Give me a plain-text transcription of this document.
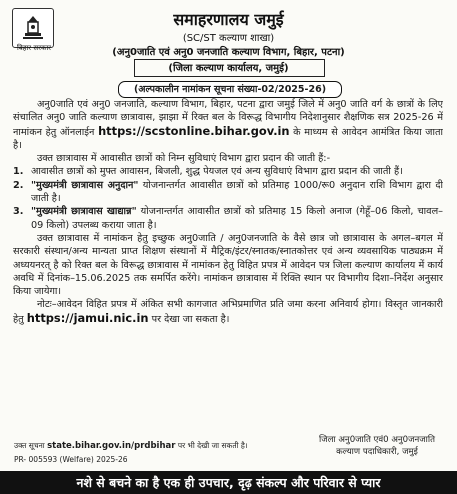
बिहार सरकार
समाहरणालय जमुई
(SC/ST कल्याण शाखा)
(अनु0जाति एवं अनु0 जनजाति कल्याण विभाग, बिहार, पटना)
(जिला कल्याण कार्यालय, जमुई)
(अल्पकालीन नामांकन सूचना संख्या-02/2025-26)

अनु0जाति एवं अनु0 जनजाति, कल्याण विभाग, बिहार, पटना द्वारा जमुई जिले में अनु0 जाति वर्ग के छात्रों के लिए संचालित अनु0 जाति कल्याण छात्रावास, झाझा में रिक्त बल के विरूद्ध विभागीय निदेशानुसार शैक्षणिक सत्र 2025-26 में नामांकन हेतु ऑनलाईन https://scstonline.bihar.gov.in के माध्यम से आवेदन आमंत्रित किया जाता है।

उक्त छात्रावास में आवासीत छात्रों को निम्न सुविधाएं विभाग द्वारा प्रदान की जाती हैं:-

1. आवासीत छात्रों को मुफ्त आवासन, बिजली, शुद्ध पेयजल एवं अन्य सुविधाएं विभाग द्वारा प्रदान की जाती हैं।
2. "मुख्यमंत्री छात्रावास अनुदान" योजनान्तर्गत आवासीत छात्रों को प्रतिमाह 1000/रू0 अनुदान राशि विभाग द्वारा दी जाती है।
3. "मुख्यमंत्री छात्रावास खाद्यान्न" योजनान्तर्गत आवासीत छात्रों को प्रतिमाह 15 किलो अनाज (गेहूँ–06 किलो, चावल–09 किलो) उपलब्ध कराया जाता है।

उक्त छात्रावास में नामांकन हेतु इच्छुक अनु0जाति / अनु0जनजाति के वैसे छात्र जो छात्रावास के अगल–बगल में सरकारी संस्थान/अन्य मान्यता प्राप्त शिक्षण संस्थानों में मैट्रिक/इंटर/स्नातक/स्नातकोत्तर एवं अन्य व्यवसायिक पाठ्यक्रम में अध्ययनरत् है को रिक्त बल के विरूद्ध छात्रावास में नामांकन हेतु विहित प्रपत्र में आवेदन पत्र जिला कल्याण कार्यालय में कार्य अवधि में दिनांक–15.06.2025 तक समर्पित करेंगे। नामांकन छात्रावास में रिक्ति स्थान पर विभागीय दिशा–निर्देश अनुसार किया जायेगा।

नोटः–आवेदन विहित प्रपत्र में अंकित सभी कागजात अभिप्रमाणित प्रति जमा करना अनिवार्य होगा। विस्तृत जानकारी हेतु https://jamui.nic.in पर देखा जा सकता है।

उक्त सूचना state.bihar.gov.in/prdbihar पर भी देखी जा सकती है।
PR- 005593 (Welfare) 2025-26
जिला अनु0जाति एवं0 अनु0जनजाति
कल्याण पदाधिकारी, जमुई
नशे से बचने का है एक ही उपचार, दृढ़ संकल्प और परिवार से प्यार
